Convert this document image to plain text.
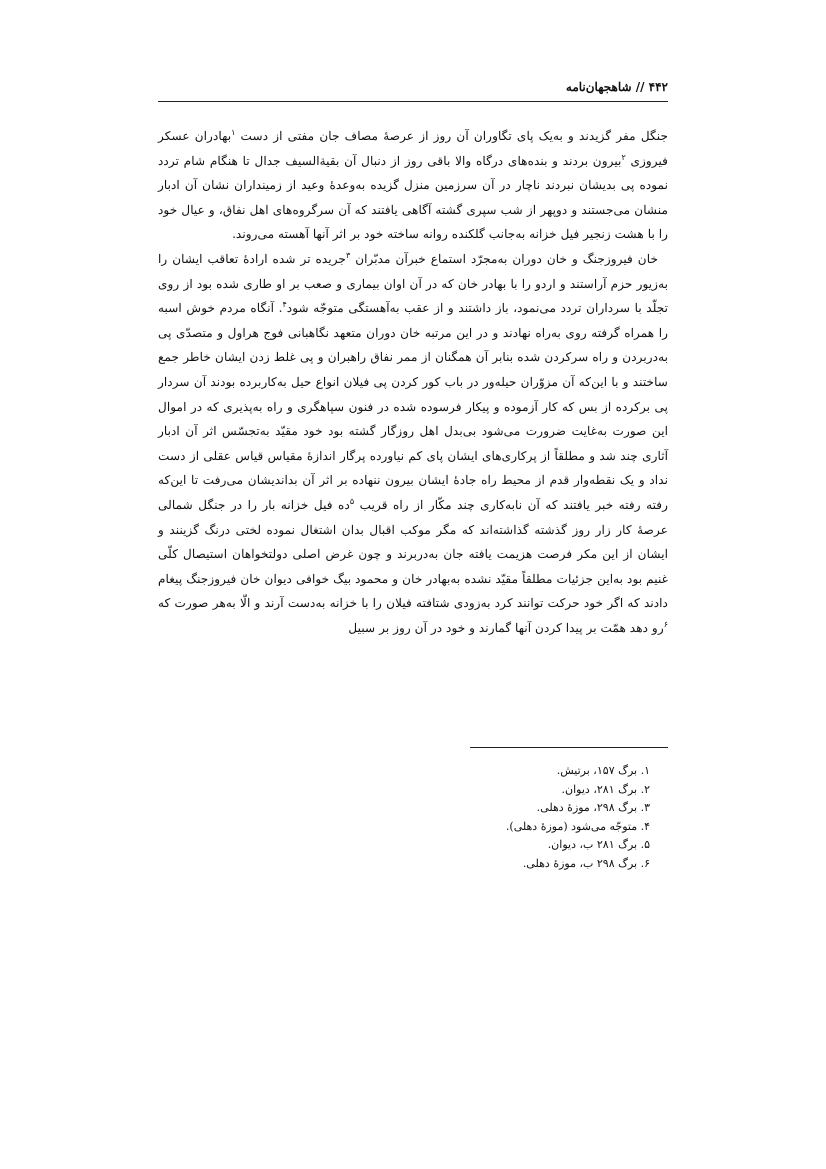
۴۴۲ // شاهجهان‌نامه

جنگل مفر گزیدند و به‌یک پای تگاوران آن روز از عرصهٔ مصاف جان مفتی از دست $^۱$بهادران عسکر فیروزی $^۲$بیرون بردند و بنده‌های درگاه والا باقی روز از دنبال آن بقیةالسیف جدال تا هنگام شام تردد نموده پی بدیشان نبردند ناچار در آن سرزمین منزل گزیده به‌وعدهٔ وعید از زمینداران نشان آن ادبار منشان می‌جستند و دوپهر از شب سپری گشته آگاهی یافتند که آن سرگروه‌های اهل نفاق، و عیال خود را با هشت زنجیر فیل خزانه به‌جانب گلکنده روانه ساخته خود بر اثر آنها آهسته می‌روند.

خان فیروزجنگ و خان دوران به‌مجرّد استماع خبرآن مدبّران $^۳$جریده تر شده ارادهٔ تعاقب ایشان را به‌زیور حزم آراستند و اردو را با بهادر خان که در آن اوان بیماری و صعب بر او طاری شده بود از روی تجلّد با سرداران تردد می‌نمود، باز داشتند و از عقب به‌آهستگی متوجّه شود$^۴$. آنگاه مردم خوش اسبه را همراه گرفته روی به‌راه نهادند و در این مرتبه خان دوران متعهد نگاهبانی فوج هراول و متصدّی پی به‌دربردن و راه سرکردن شده بنابر آن همگنان از ممر نفاق راهبران و پی غلط زدن ایشان خاطر جمع ساختند و با این‌که آن مزوّران حیله‌ور در باب کور کردن پی فیلان انواع حیل به‌کاربرده بودند آن سردار پی برکرده از بس که کار آزموده و پیکار فرسوده شده در فنون سپاهگری و راه به‌پذیری که در اموال این صورت به‌غایت ضرورت می‌شود بی‌بدل اهل روزگار گشته بود خود مقیّد به‌تجسّس اثر آن ادبار آثاری چند شد و مطلقاً از پرکاری‌های ایشان پای کم نیاورده پرگار اندازهٔ مقیاس قیاس عقلی از دست نداد و یک نقطه‌وار قدم از محیط راه جادهٔ ایشان بیرون ننهاده بر اثر آن بداندیشان می‌رفت تا این‌که رفته رفته خبر یافتند که آن نابه‌کاری چند مکّار از راه قریب $^۵$ده فیل خزانه بار را در جنگل شمالی عرصهٔ کار زار روز گذشته گذاشته‌اند که مگر موکب اقبال بدان اشتغال نموده لختی درنگ گزینند و ایشان از این مکر فرصت هزیمت یافته جان به‌دربرند و چون غرض اصلی دولتخواهان استیصال کلّی غنیم بود به‌این جزئیات مطلقاً مقیّد نشده به‌بهادر خان و محمود بیگ خوافی دیوان خان فیروزجنگ پیغام دادند که اگر خود حرکت توانند کرد به‌زودی شتافته فیلان را با خزانه به‌دست آرند و الّا به‌هر صورت که $^۶$رو دهد همّت بر پیدا کردن آنها گمارند و خود در آن روز بر سبیل

۱. برگ ۱۵۷، برتیش.
۲. برگ ۲۸۱، دیوان.
۳. برگ ۲۹۸، موزهٔ دهلی.
۴. متوجّه می‌شود (موزهٔ دهلی).
۵. برگ ۲۸۱ ب، دیوان.
۶. برگ ۲۹۸ ب، موزهٔ دهلی.
